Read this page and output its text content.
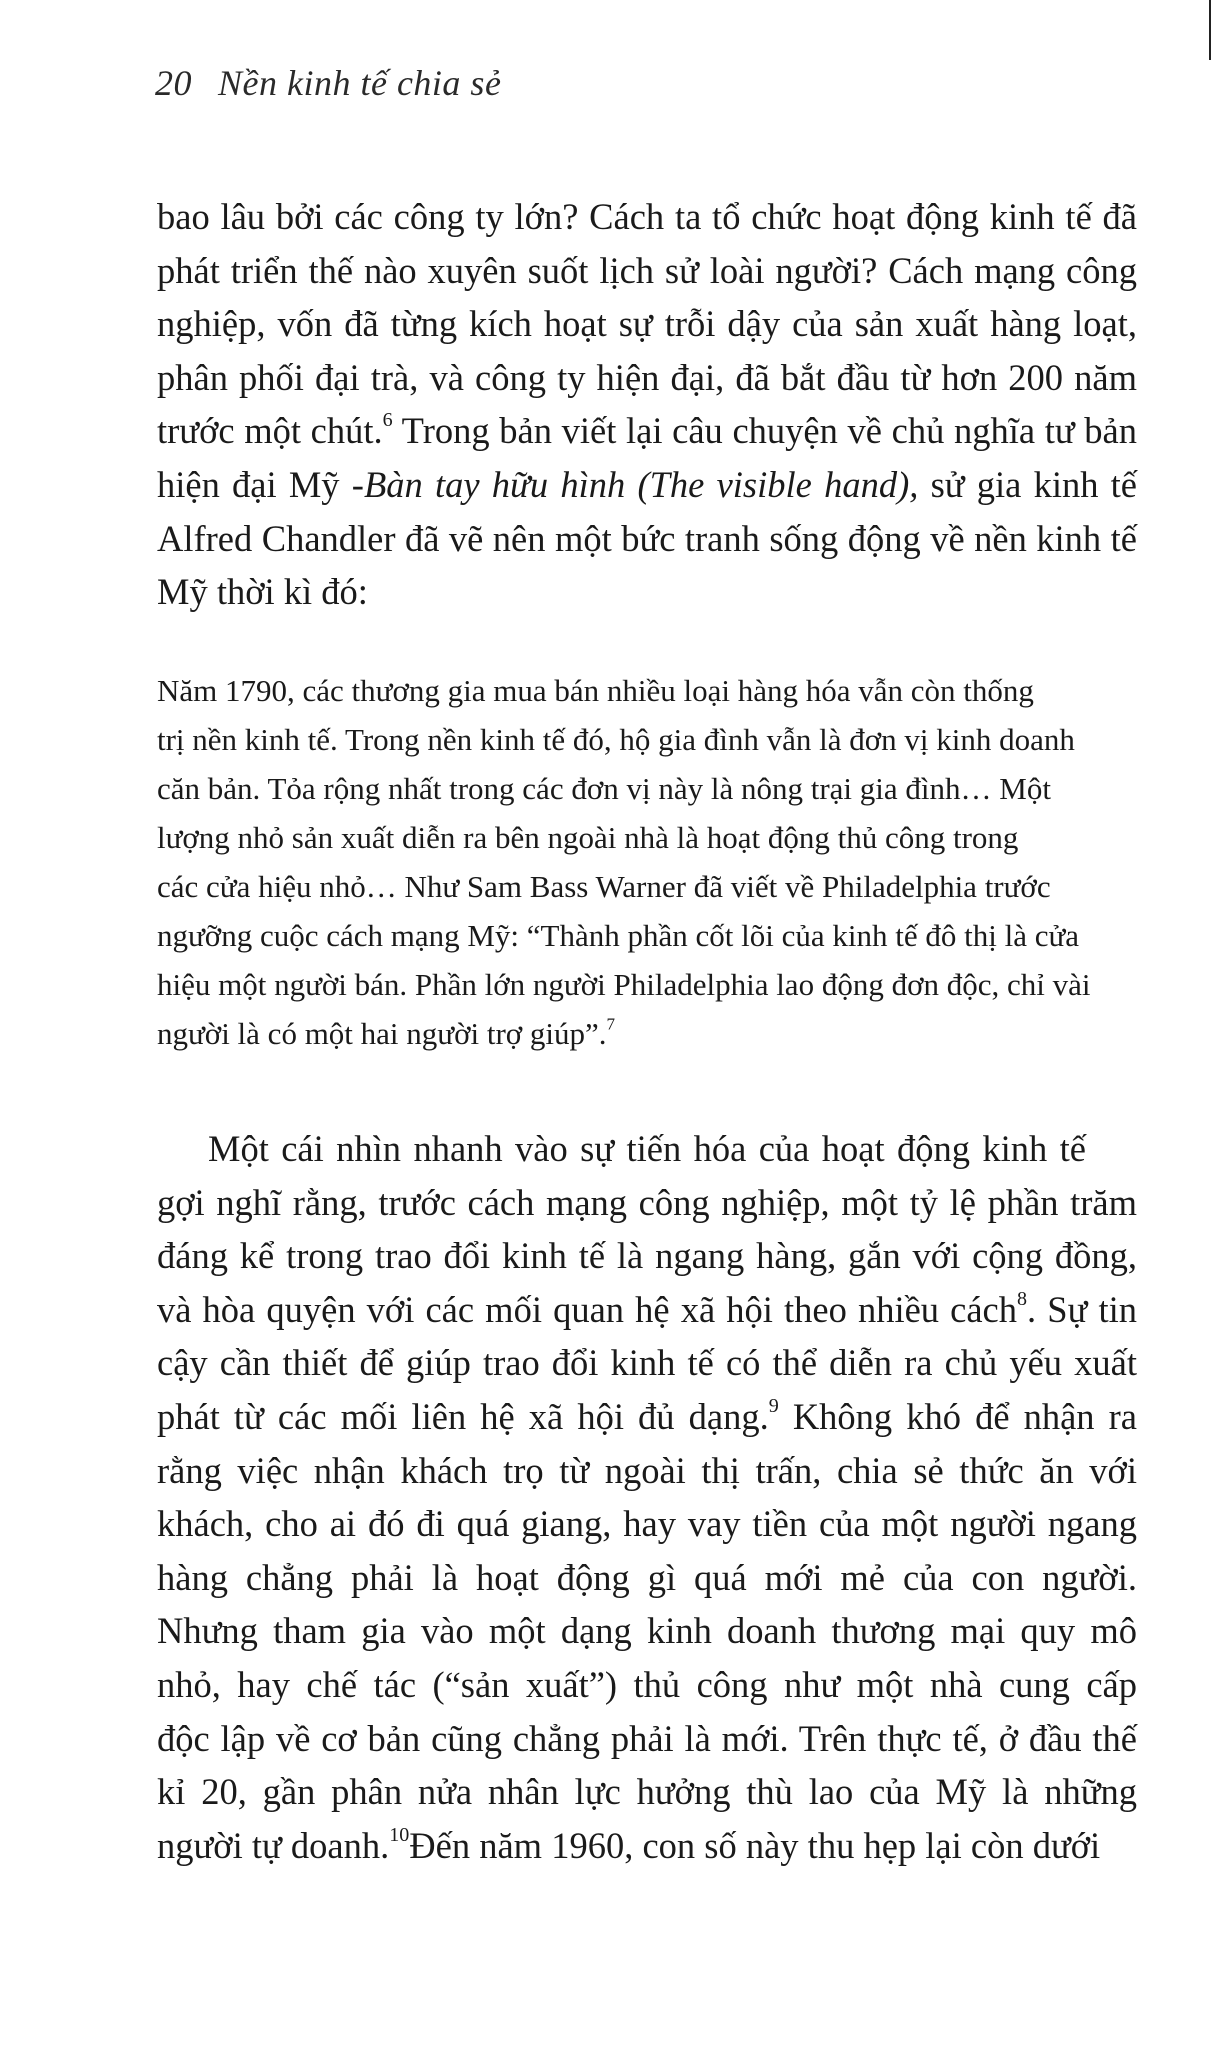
20 Nền kinh tế chia sẻ
bao lâu bởi các công ty lớn? Cách ta tổ chức hoạt động kinh tế đã
phát triển thế nào xuyên suốt lịch sử loài người? Cách mạng công
nghiệp, vốn đã từng kích hoạt sự trỗi dậy của sản xuất hàng loạt,
phân phối đại trà, và công ty hiện đại, đã bắt đầu từ hơn 200 năm
trước một chút.$^6$ Trong bản viết lại câu chuyện về chủ nghĩa tư bản
hiện đại Mỹ -Bàn tay hữu hình (The visible hand), sử gia kinh tế
Alfred Chandler đã vẽ nên một bức tranh sống động về nền kinh tế
Mỹ thời kì đó:
Năm 1790, các thương gia mua bán nhiều loại hàng hóa vẫn còn thống
trị nền kinh tế. Trong nền kinh tế đó, hộ gia đình vẫn là đơn vị kinh doanh
căn bản. Tỏa rộng nhất trong các đơn vị này là nông trại gia đình… Một
lượng nhỏ sản xuất diễn ra bên ngoài nhà là hoạt động thủ công trong
các cửa hiệu nhỏ… Như Sam Bass Warner đã viết về Philadelphia trước
ngưỡng cuộc cách mạng Mỹ: “Thành phần cốt lõi của kinh tế đô thị là cửa
hiệu một người bán. Phần lớn người Philadelphia lao động đơn độc, chỉ vài
người là có một hai người trợ giúp”.$^7$
Một cái nhìn nhanh vào sự tiến hóa của hoạt động kinh tế
gợi nghĩ rằng, trước cách mạng công nghiệp, một tỷ lệ phần trăm
đáng kể trong trao đổi kinh tế là ngang hàng, gắn với cộng đồng,
và hòa quyện với các mối quan hệ xã hội theo nhiều cách$^8$. Sự tin
cậy cần thiết để giúp trao đổi kinh tế có thể diễn ra chủ yếu xuất
phát từ các mối liên hệ xã hội đủ dạng.$^9$ Không khó để nhận ra
rằng việc nhận khách trọ từ ngoài thị trấn, chia sẻ thức ăn với
khách, cho ai đó đi quá giang, hay vay tiền của một người ngang
hàng chẳng phải là hoạt động gì quá mới mẻ của con người.
Nhưng tham gia vào một dạng kinh doanh thương mại quy mô
nhỏ, hay chế tác (“sản xuất”) thủ công như một nhà cung cấp
độc lập về cơ bản cũng chẳng phải là mới. Trên thực tế, ở đầu thế
kỉ 20, gần phân nửa nhân lực hưởng thù lao của Mỹ là những
người tự doanh.$^{10}$Đến năm 1960, con số này thu hẹp lại còn dưới
